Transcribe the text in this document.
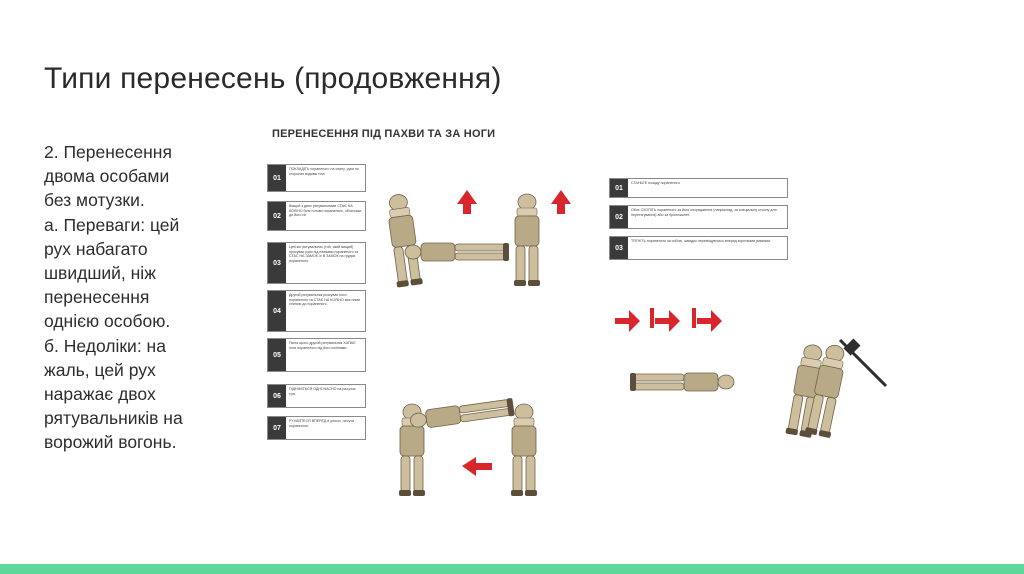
Типи перенесень (продовження)
2. Перенесення
двома особами
без мотузки.
а. Переваги: цей
рух набагато
швидший, ніж
перенесення
однією особою.
б. Недоліки: на
жаль, цей рух
наражає двох
рятувальників на
ворожий вогонь.
ПЕРЕНЕСЕННЯ ПІД ПАХВИ ТА ЗА НОГИ
01
ПОКЛАДІТЬ пораненого на спину, руки по сторонах вздовж тіла
02
Вищий з двох рятувальників СТАЄ НА КОЛІНО біля голови пораненого, обличчям до його ніг.
03
Цей же рятувальник (той, який вищий) просуває руки під пахвами пораненого та СТАС НА ЗАМОК їх В ЗАМОК на грудях пораненого.
04
Другий рятувальник розсуває ноги пораненого та СТАЄ НА КОЛІНО між ними спиною до пораненого.
05
Після цього другий рятувальник ХАПАЄ ноги пораненого під його колінами.
06
ПІДНІМІТЬСЯ ОДНОЧАСНО на рахунок три.
07
РУХАЙТЕСЯ ВПЕРЕД в унісон, несучи пораненого.
01
СТАНЬТЕ позаду пораненого
02
Обох СХОПІТЬ пораненого за його спорядження (наприклад, за спеціальну стропу для перетягування) або за бронежилет.
03
ТЯГНІТЬ пораненого за собою, швидко переміщуючись вперед короткими ривками.
